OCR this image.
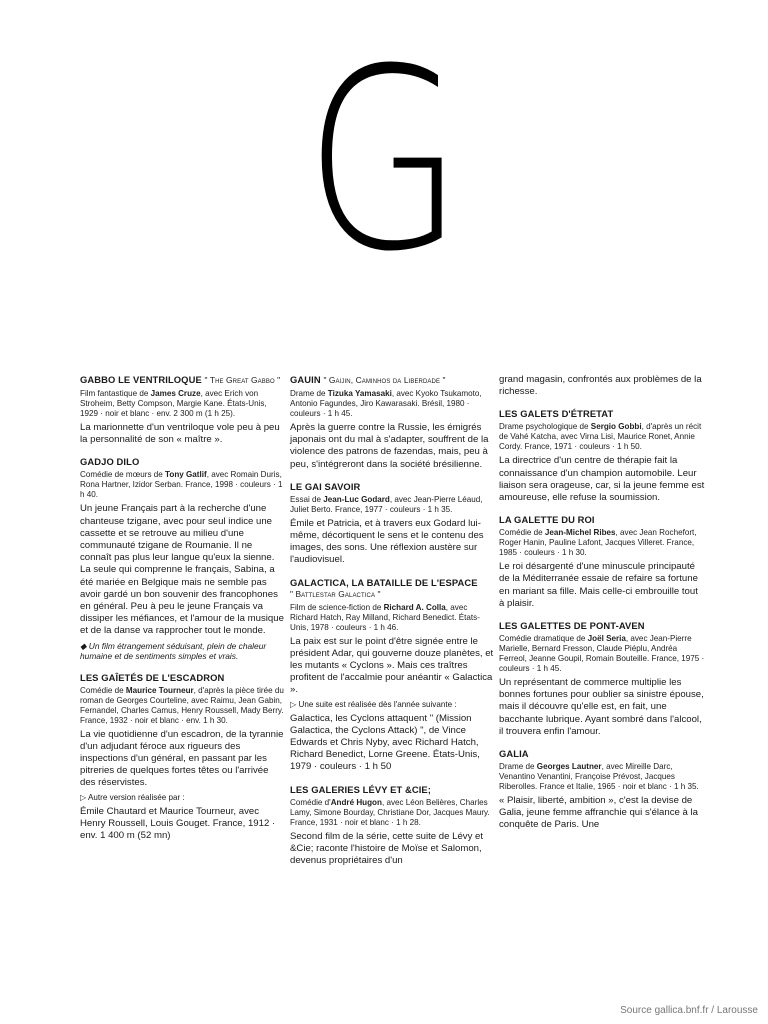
G
GABBO LE VENTRILOQUE " The Great Gabbo "
Film fantastique de James Cruze, avec Erich von Stroheim, Betty Compson, Margie Kane. États-Unis, 1929 · noir et blanc · env. 2 300 m (1 h 25).
La marionnette d'un ventriloque vole peu à peu la personnalité de son « maître ».
GADJO DILO
Comédie de mœurs de Tony Gatlif, avec Romain Duris, Rona Hartner, Izidor Serban. France, 1998 · couleurs · 1 h 40.
Un jeune Français part à la recherche d'une chanteuse tzigane, avec pour seul indice une cassette et se retrouve au milieu d'une communauté tzigane de Roumanie. Il ne connaît pas plus leur langue qu'eux la sienne. La seule qui comprenne le français, Sabina, a été mariée en Belgique mais ne semble pas avoir gardé un bon souvenir des francophones en général. Peu à peu le jeune Français va dissiper les méfiances, et l'amour de la musique et de la danse va rapprocher tout le monde.
◆ Un film étrangement séduisant, plein de chaleur humaine et de sentiments simples et vrais.
LES GAÎETÉS DE L'ESCADRON
Comédie de Maurice Tourneur, d'après la pièce tirée du roman de Georges Courteline, avec Raimu, Jean Gabin, Fernandel, Charles Camus, Henry Roussell, Mady Berry. France, 1932 · noir et blanc · env. 1 h 30.
La vie quotidienne d'un escadron, de la tyrannie d'un adjudant féroce aux rigueurs des inspections d'un général, en passant par les pitreries de quelques fortes têtes ou l'arrivée des réservistes.
▷ Autre version réalisée par :
Émile Chautard et Maurice Tourneur, avec Henry Roussell, Louis Gouget. France, 1912 · env. 1 400 m (52 mn)
GAUIN " Gaijin, Caminhos da Liberdade "
Drame de Tizuka Yamasaki, avec Kyoko Tsukamoto, Antonio Fagundes, Jiro Kawarasaki. Brésil, 1980 · couleurs · 1 h 45.
Après la guerre contre la Russie, les émigrés japonais ont du mal à s'adapter, souffrent de la violence des patrons de fazendas, mais, peu à peu, s'intégreront dans la société brésilienne.
LE GAI SAVOIR
Essai de Jean-Luc Godard, avec Jean-Pierre Léaud, Juliet Berto. France, 1977 · couleurs · 1 h 35.
Émile et Patricia, et à travers eux Godard lui-même, décortiquent le sens et le contenu des images, des sons. Une réflexion austère sur l'audiovisuel.
GALACTICA, LA BATAILLE DE L'ESPACE
" Battlestar Galactica "
Film de science-fiction de Richard A. Colla, avec Richard Hatch, Ray Milland, Richard Benedict. États-Unis, 1978 · couleurs · 1 h 46.
La paix est sur le point d'être signée entre le président Adar, qui gouverne douze planètes, et les mutants « Cyclons ». Mais ces traîtres profitent de l'accalmie pour anéantir « Galactica ».
▷ Une suite est réalisée dès l'année suivante :
Galactica, les Cyclons attaquent " (Mission Galactica, the Cyclons Attack) ", de Vince Edwards et Chris Nyby, avec Richard Hatch, Richard Benedict, Lorne Greene. États-Unis, 1979 · couleurs · 1 h 50
LES GALERIES LÉVY ET &CIE;
Comédie d'André Hugon, avec Léon Belières, Charles Lamy, Simone Bourday, Christiane Dor, Jacques Maury. France, 1931 · noir et blanc · 1 h 28.
Second film de la série, cette suite de Lévy et &Cie; raconte l'histoire de Moïse et Salomon, devenus propriétaires d'un
grand magasin, confrontés aux problèmes de la richesse.
LES GALETS D'ÉTRETAT
Drame psychologique de Sergio Gobbi, d'après un récit de Vahé Katcha, avec Virna Lisi, Maurice Ronet, Annie Cordy. France, 1971 · couleurs · 1 h 50.
La directrice d'un centre de thérapie fait la connaissance d'un champion automobile. Leur liaison sera orageuse, car, si la jeune femme est amoureuse, elle refuse la soumission.
LA GALETTE DU ROI
Comédie de Jean-Michel Ribes, avec Jean Rochefort, Roger Hanin, Pauline Lafont, Jacques Villeret. France, 1985 · couleurs · 1 h 30.
Le roi désargenté d'une minuscule principauté de la Méditerranée essaie de refaire sa fortune en mariant sa fille. Mais celle-ci embrouille tout à plaisir.
LES GALETTES DE PONT-AVEN
Comédie dramatique de Joël Seria, avec Jean-Pierre Marielle, Bernard Fresson, Claude Piéplu, Andréa Ferreol, Jeanne Goupil, Romain Bouteille. France, 1975 · couleurs · 1 h 45.
Un représentant de commerce multiplie les bonnes fortunes pour oublier sa sinistre épouse, mais il découvre qu'elle est, en fait, une bacchante lubrique. Ayant sombré dans l'alcool, il trouvera enfin l'amour.
GALIA
Drame de Georges Lautner, avec Mireille Darc, Venantino Venantini, Françoise Prévost, Jacques Riberolles. France et Italie, 1965 · noir et blanc · 1 h 35.
« Plaisir, liberté, ambition », c'est la devise de Galia, jeune femme affranchie qui s'élance à la conquête de Paris. Une
Source gallica.bnf.fr / Larousse
